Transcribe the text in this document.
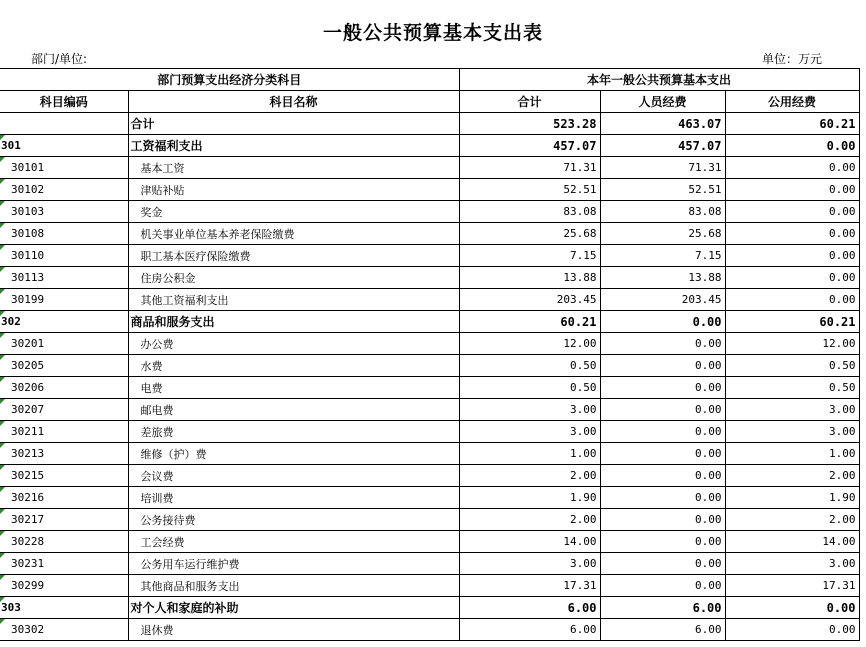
一般公共预算基本支出表
部门/单位:	单位：万元
部门预算支出经济分类科目		本年一般公共预算基本支出		
科目编码	科目名称	合计	人员经费	公用经费
	合计	523.28	463.07	60.21
301	工资福利支出	457.07	457.07	0.00
30101	基本工资	71.31	71.31	0.00
30102	津贴补贴	52.51	52.51	0.00
30103	奖金	83.08	83.08	0.00
30108	机关事业单位基本养老保险缴费	25.68	25.68	0.00
30110	职工基本医疗保险缴费	7.15	7.15	0.00
30113	住房公积金	13.88	13.88	0.00
30199	其他工资福利支出	203.45	203.45	0.00
302	商品和服务支出	60.21	0.00	60.21
30201	办公费	12.00	0.00	12.00
30205	水费	0.50	0.00	0.50
30206	电费	0.50	0.00	0.50
30207	邮电费	3.00	0.00	3.00
30211	差旅费	3.00	0.00	3.00
30213	维修（护）费	1.00	0.00	1.00
30215	会议费	2.00	0.00	2.00
30216	培训费	1.90	0.00	1.90
30217	公务接待费	2.00	0.00	2.00
30228	工会经费	14.00	0.00	14.00
30231	公务用车运行维护费	3.00	0.00	3.00
30299	其他商品和服务支出	17.31	0.00	17.31
303	对个人和家庭的补助	6.00	6.00	0.00
30302	退休费	6.00	6.00	0.00
